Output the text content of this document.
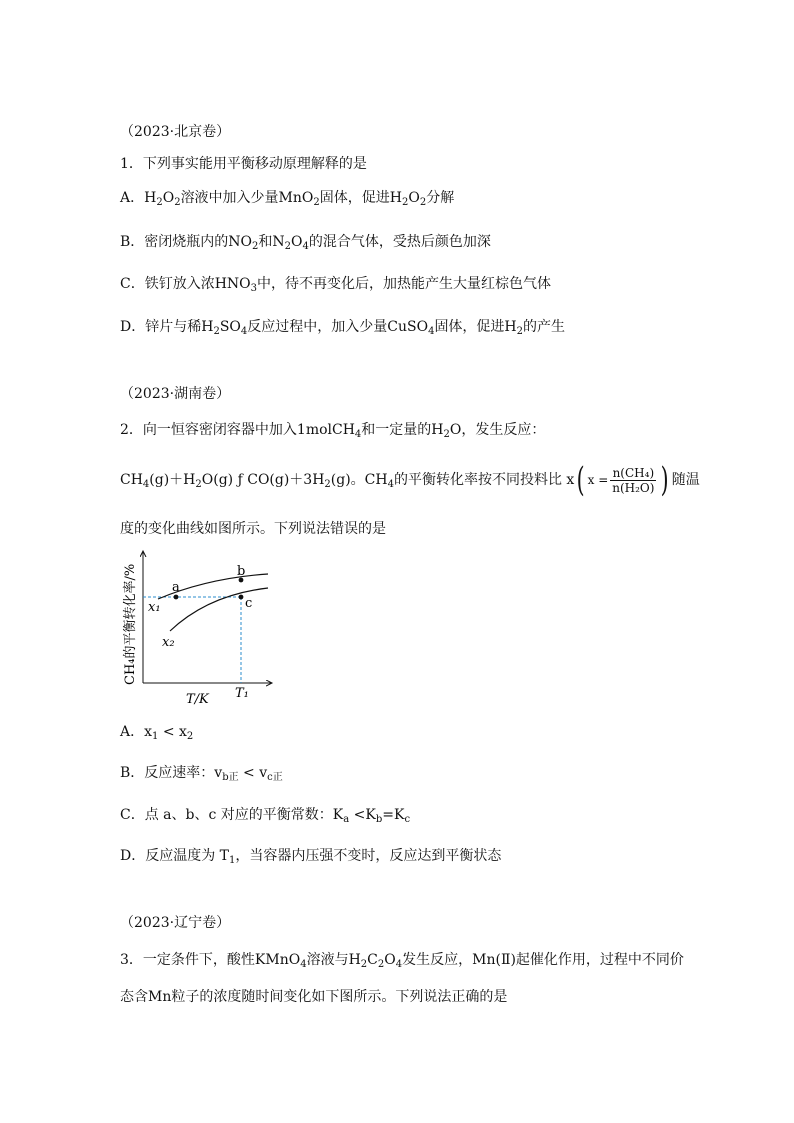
（2023·北京卷）
1．下列事实能用平衡移动原理解释的是
A．$H_2O_2$溶液中加入少量MnO$_2$固体，促进$H_2O_2$分解
B．密闭烧瓶内的$NO_2$和$N_2O_4$的混合气体，受热后颜色加深
C．铁钉放入浓$HNO_3$中，待不再变化后，加热能产生大量红棕色气体
D．锌片与稀$H_2SO_4$反应过程中，加入少量CuSO$_4$固体，促进$H_2$的产生
（2023·湖南卷）
2．向一恒容密闭容器中加入1molCH$_4$和一定量的$H_2O$，发生反应：
$CH_4(g)+H_2O(g)$ ƒ $CO(g)+3H_2(g)$。$CH_4$的平衡转化率按不同投料比 x( $x = \frac{\text{n(CH₄)}}{\text{n(H₂O)}}$ ) 随温
度的变化曲线如图所示。下列说法错误的是
a
b
c
x₁
x₂
T₁
T/K
CH₄的平衡转化率/%
A．$x_1 < x_2$
B．反应速率：$v_{b正} < v_{c正}$
C．点 a、b、c 对应的平衡常数：$K_a <K_b=K_c$
D．反应温度为 $T_1$，当容器内压强不变时，反应达到平衡状态
（2023·辽宁卷）
3．一定条件下，酸性KMnO$_4$溶液与$H_2C_2O_4$发生反应，Mn(Ⅱ)起催化作用，过程中不同价
态含Mn粒子的浓度随时间变化如下图所示。下列说法正确的是
